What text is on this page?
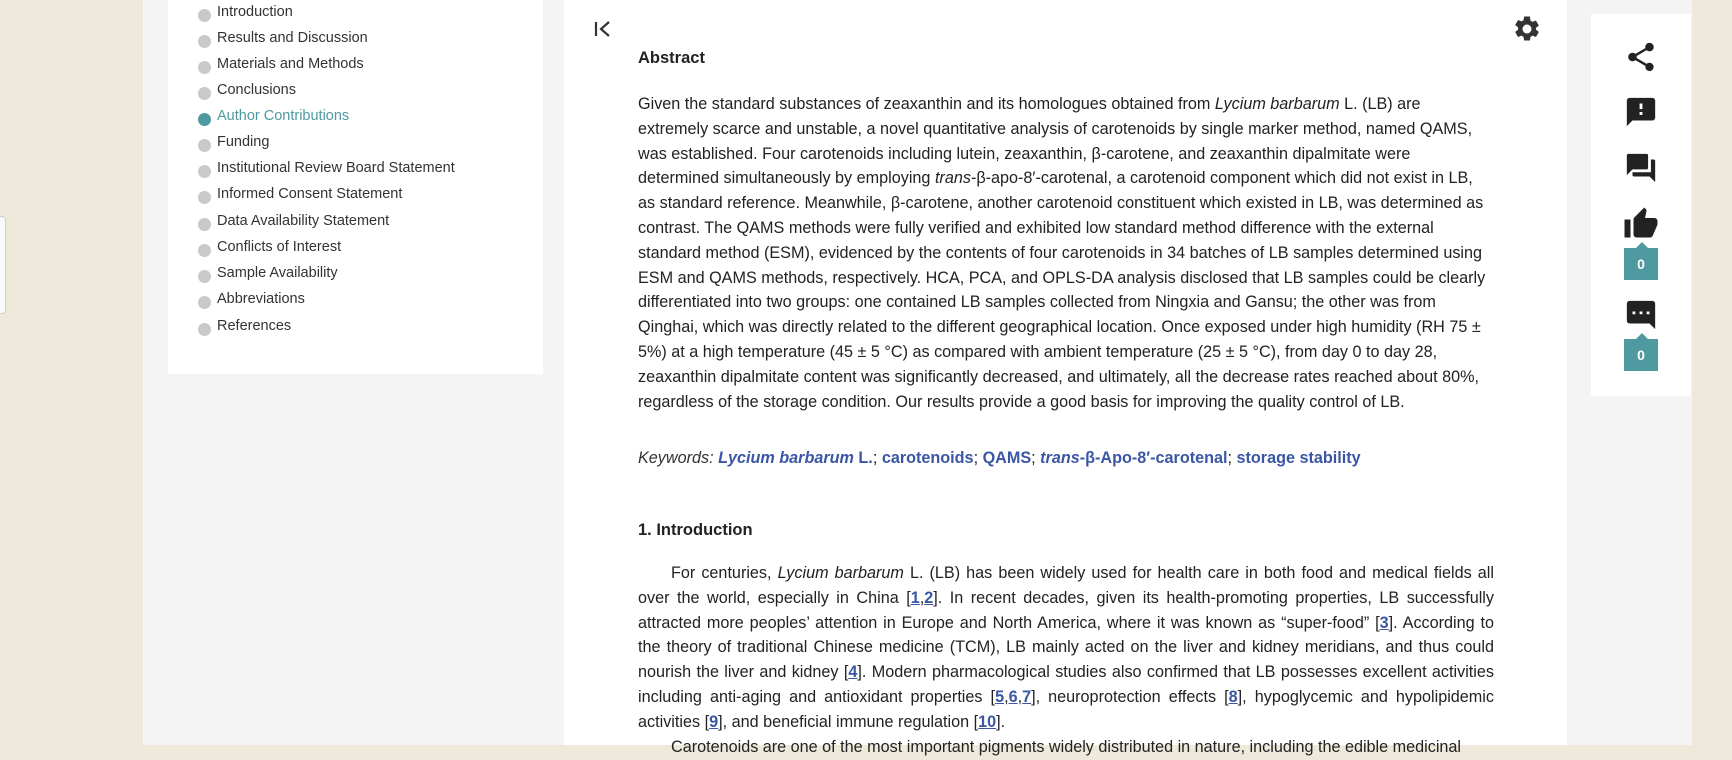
Introduction
Results and Discussion
Materials and Methods
Conclusions
Author Contributions
Funding
Institutional Review Board Statement
Informed Consent Statement
Data Availability Statement
Conflicts of Interest
Sample Availability
Abbreviations
References
Abstract

Given the standard substances of zeaxanthin and its homologues obtained from Lycium barbarum L. (LB) are extremely scarce and unstable, a novel quantitative analysis of carotenoids by single marker method, named QAMS, was established. Four carotenoids including lutein, zeaxanthin, β-carotene, and zeaxanthin dipalmitate were determined simultaneously by employing trans-β-apo-8′-carotenal, a carotenoid component which did not exist in LB, as standard reference. Meanwhile, β-carotene, another carotenoid constituent which existed in LB, was determined as contrast. The QAMS methods were fully verified and exhibited low standard method difference with the external standard method (ESM), evidenced by the contents of four carotenoids in 34 batches of LB samples determined using ESM and QAMS methods, respectively. HCA, PCA, and OPLS-DA analysis disclosed that LB samples could be clearly differentiated into two groups: one contained LB samples collected from Ningxia and Gansu; the other was from Qinghai, which was directly related to the different geographical location. Once exposed under high humidity (RH 75 ± 5%) at a high temperature (45 ± 5 °C) as compared with ambient temperature (25 ± 5 °C), from day 0 to day 28, zeaxanthin dipalmitate content was significantly decreased, and ultimately, all the decrease rates reached about 80%, regardless of the storage condition. Our results provide a good basis for improving the quality control of LB.

Keywords: Lycium barbarum L.; carotenoids; QAMS; trans-β-Apo-8′-carotenal; storage stability
1. Introduction

For centuries, Lycium barbarum L. (LB) has been widely used for health care in both food and medical fields all over the world, especially in China [1,2]. In recent decades, given its health-promoting properties, LB successfully attracted more peoples’ attention in Europe and North America, where it was known as “super-food” [3]. According to the theory of traditional Chinese medicine (TCM), LB mainly acted on the liver and kidney meridians, and thus could nourish the liver and kidney [4]. Modern pharmacological studies also confirmed that LB possesses excellent activities including anti-aging and antioxidant properties [5,6,7], neuroprotection effects [8], hypoglycemic and hypolipidemic activities [9], and beneficial immune regulation [10].

Carotenoids are one of the most important pigments widely distributed in nature, including the edible medicinal

0
0
